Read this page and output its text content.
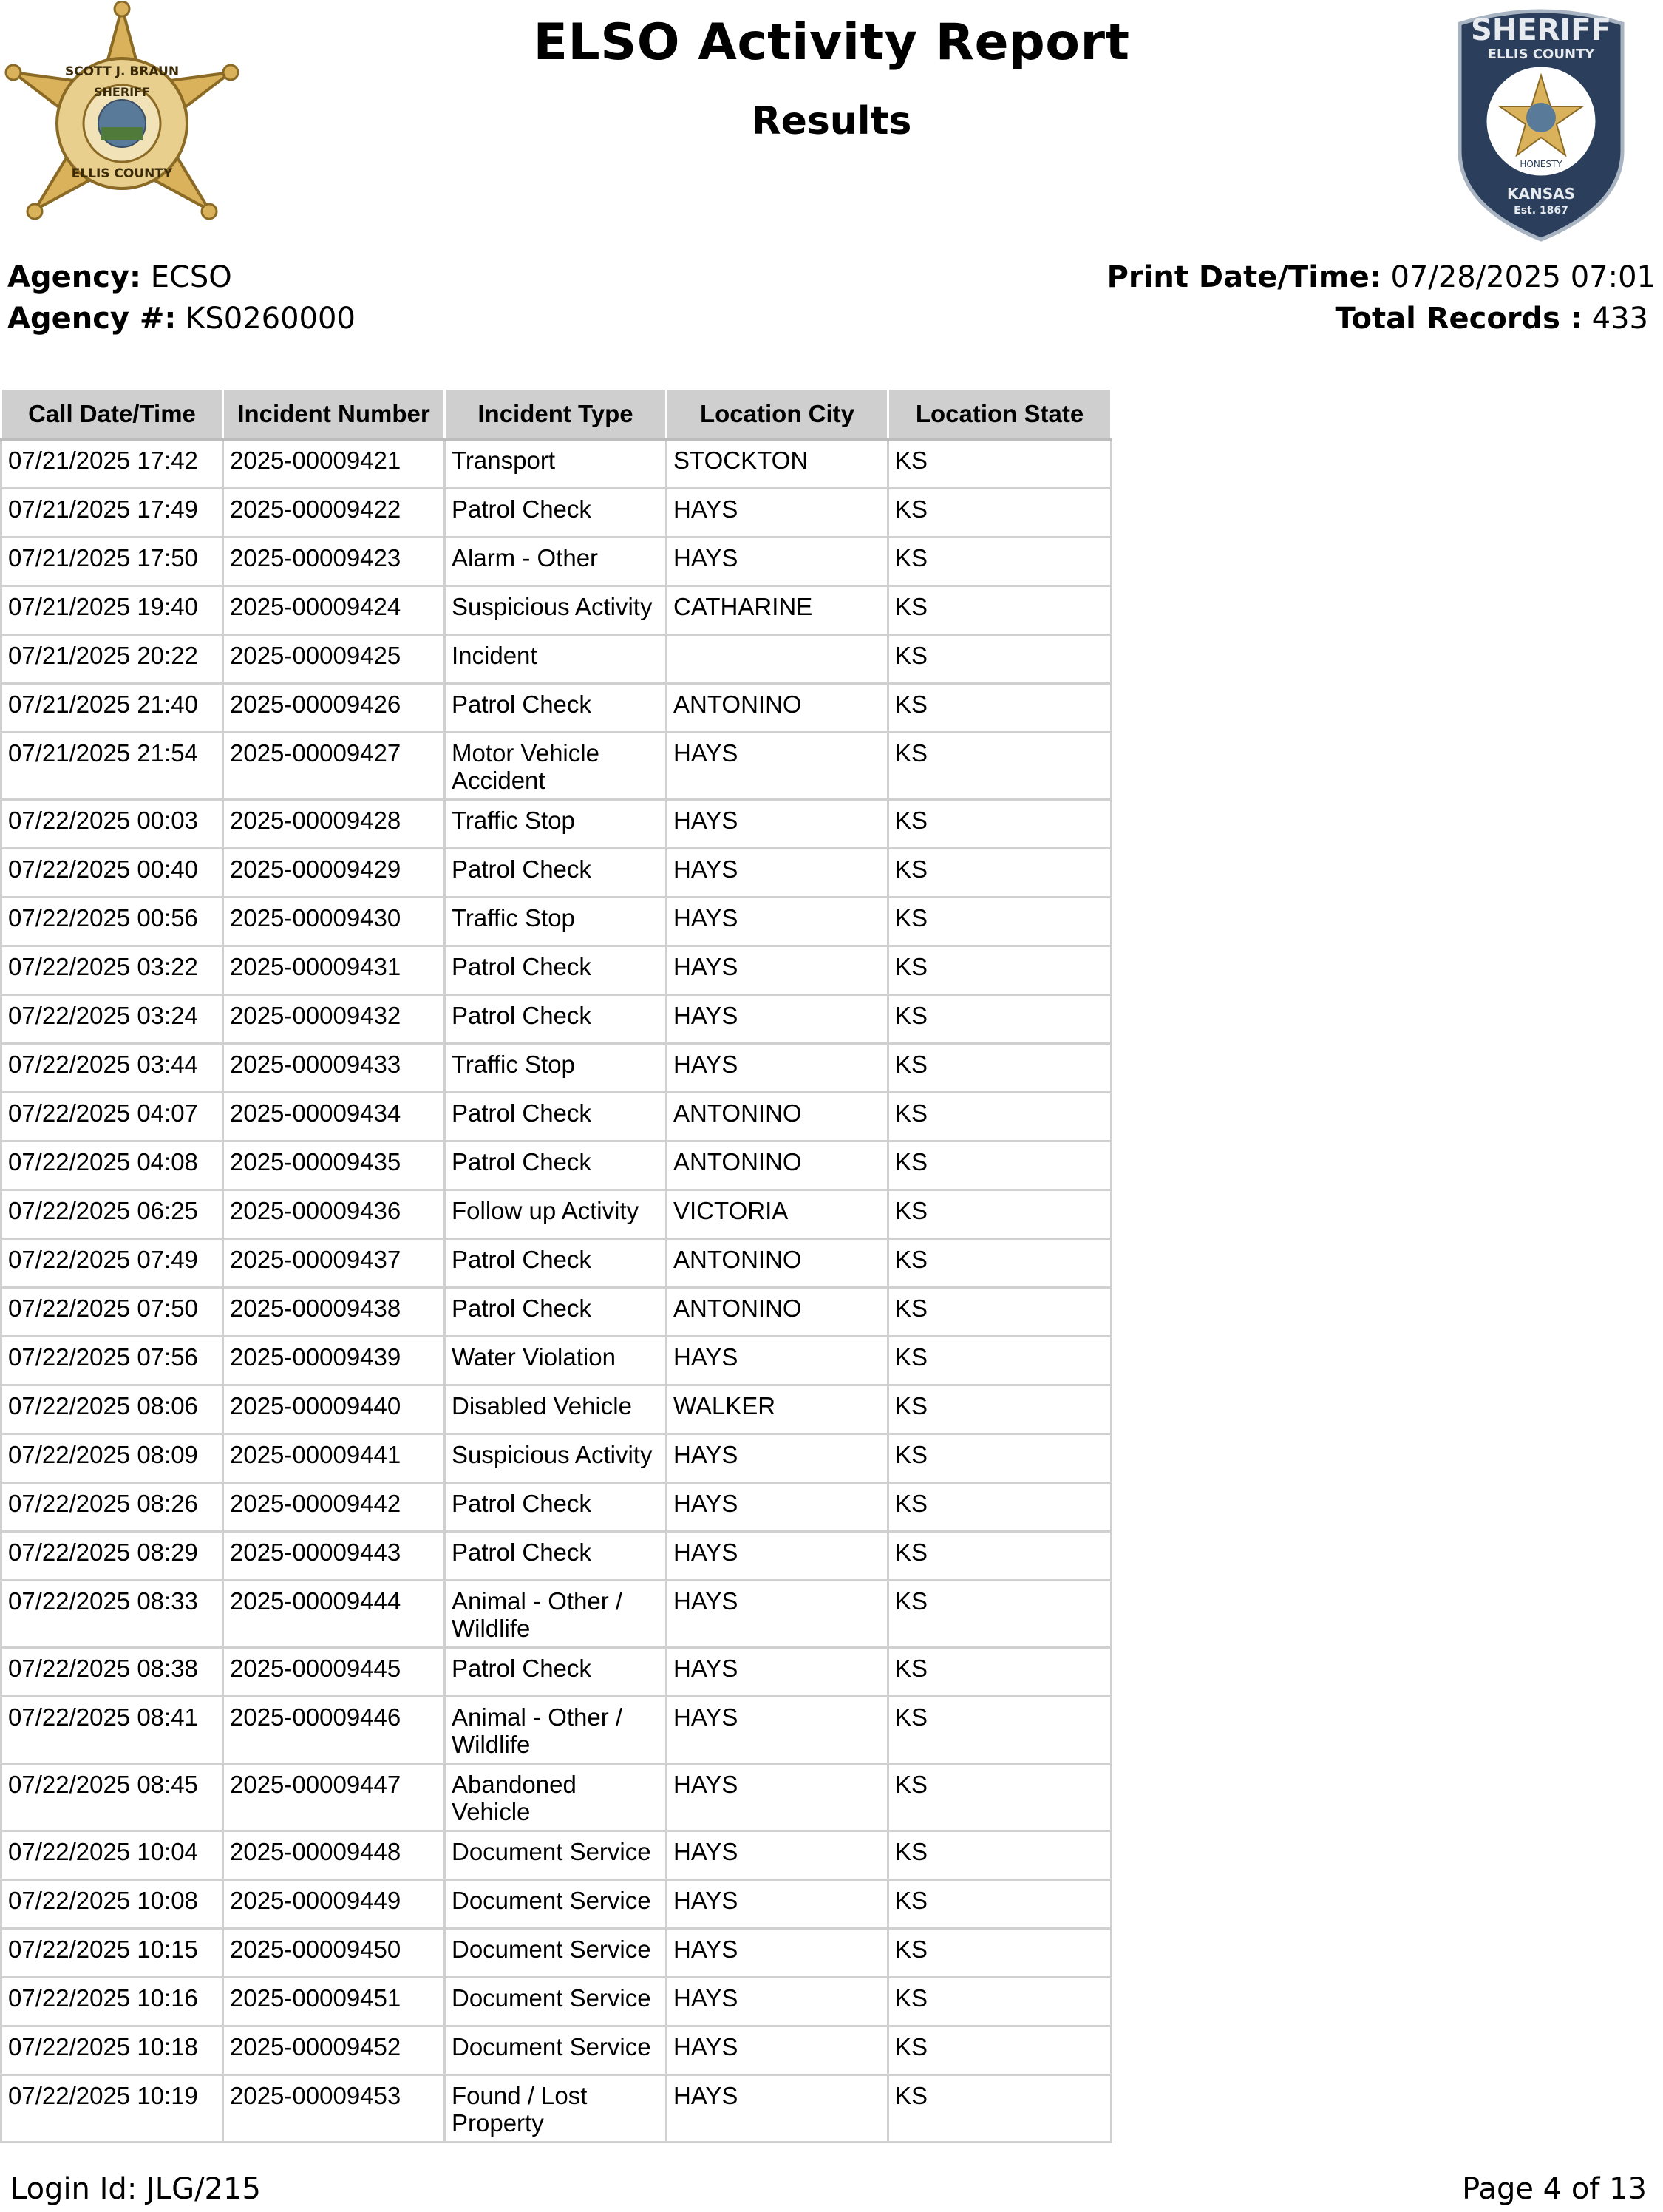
SCOTT J. BRAUN
SHERIFF
ELLIS COUNTY
SHERIFF
ELLIS COUNTY
HONESTY
KANSAS
Est. 1867
ELSO Activity Report
Results
Agency: ECSO
Agency #: KS0260000
Print Date/Time: 07/28/2025 07:01
Total Records : 433
Call Date/Time	Incident Number	Incident Type	Location City	Location State
07/21/2025 17:42	2025-00009421	Transport	STOCKTON	KS
07/21/2025 17:49	2025-00009422	Patrol Check	HAYS	KS
07/21/2025 17:50	2025-00009423	Alarm - Other	HAYS	KS
07/21/2025 19:40	2025-00009424	Suspicious Activity	CATHARINE	KS
07/21/2025 20:22	2025-00009425	Incident		KS
07/21/2025 21:40	2025-00009426	Patrol Check	ANTONINO	KS
07/21/2025 21:54	2025-00009427	Motor Vehicle Accident	HAYS	KS
07/22/2025 00:03	2025-00009428	Traffic Stop	HAYS	KS
07/22/2025 00:40	2025-00009429	Patrol Check	HAYS	KS
07/22/2025 00:56	2025-00009430	Traffic Stop	HAYS	KS
07/22/2025 03:22	2025-00009431	Patrol Check	HAYS	KS
07/22/2025 03:24	2025-00009432	Patrol Check	HAYS	KS
07/22/2025 03:44	2025-00009433	Traffic Stop	HAYS	KS
07/22/2025 04:07	2025-00009434	Patrol Check	ANTONINO	KS
07/22/2025 04:08	2025-00009435	Patrol Check	ANTONINO	KS
07/22/2025 06:25	2025-00009436	Follow up Activity	VICTORIA	KS
07/22/2025 07:49	2025-00009437	Patrol Check	ANTONINO	KS
07/22/2025 07:50	2025-00009438	Patrol Check	ANTONINO	KS
07/22/2025 07:56	2025-00009439	Water Violation	HAYS	KS
07/22/2025 08:06	2025-00009440	Disabled Vehicle	WALKER	KS
07/22/2025 08:09	2025-00009441	Suspicious Activity	HAYS	KS
07/22/2025 08:26	2025-00009442	Patrol Check	HAYS	KS
07/22/2025 08:29	2025-00009443	Patrol Check	HAYS	KS
07/22/2025 08:33	2025-00009444	Animal - Other / Wildlife	HAYS	KS
07/22/2025 08:38	2025-00009445	Patrol Check	HAYS	KS
07/22/2025 08:41	2025-00009446	Animal - Other / Wildlife	HAYS	KS
07/22/2025 08:45	2025-00009447	Abandoned Vehicle	HAYS	KS
07/22/2025 10:04	2025-00009448	Document Service	HAYS	KS
07/22/2025 10:08	2025-00009449	Document Service	HAYS	KS
07/22/2025 10:15	2025-00009450	Document Service	HAYS	KS
07/22/2025 10:16	2025-00009451	Document Service	HAYS	KS
07/22/2025 10:18	2025-00009452	Document Service	HAYS	KS
07/22/2025 10:19	2025-00009453	Found / Lost Property	HAYS	KS
Login Id: JLG/215	Page 4 of 13
